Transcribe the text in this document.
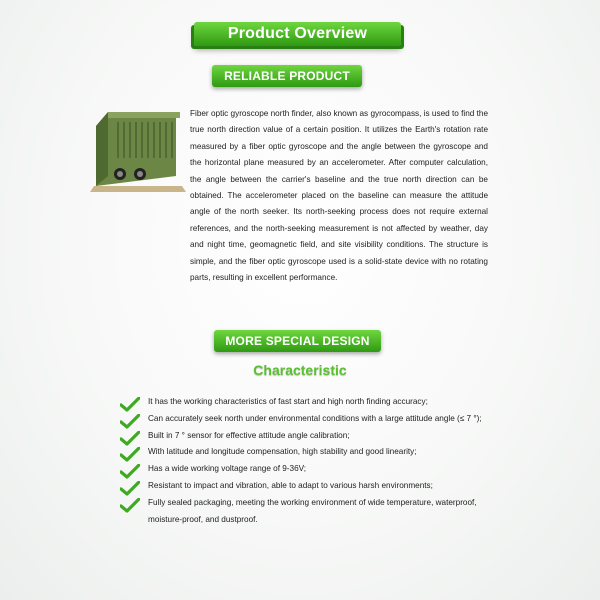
Product Overview
RELIABLE PRODUCT
Fiber optic gyroscope north finder, also known as gyrocompass, is used to find the true north direction value of a certain position. It utilizes the Earth's rotation rate measured by a fiber optic gyroscope and the angle between the gyroscope and the horizontal plane measured by an accelerometer. After computer calculation, the angle between the carrier's baseline and the true north direction can be obtained. The accelerometer placed on the baseline can measure the attitude angle of the north seeker. Its north-seeking process does not require external references, and the north-seeking measurement is not affected by weather, day and night time, geomagnetic field, and site visibility conditions. The structure is simple, and the fiber optic gyroscope used is a solid-state device with no rotating parts, resulting in excellent performance.
MORE SPECIAL DESIGN
Characteristic
It has the working characteristics of fast start and high north finding accuracy;
Can accurately seek north under environmental conditions with a large attitude angle (≤ 7 °);
Built in 7 ° sensor for effective attitude angle calibration;
With latitude and longitude compensation, high stability and good linearity;
Has a wide working voltage range of 9-36V;
Resistant to impact and vibration, able to adapt to various harsh environments;
Fully sealed packaging, meeting the working environment of wide temperature, waterproof, moisture-proof, and dustproof.
